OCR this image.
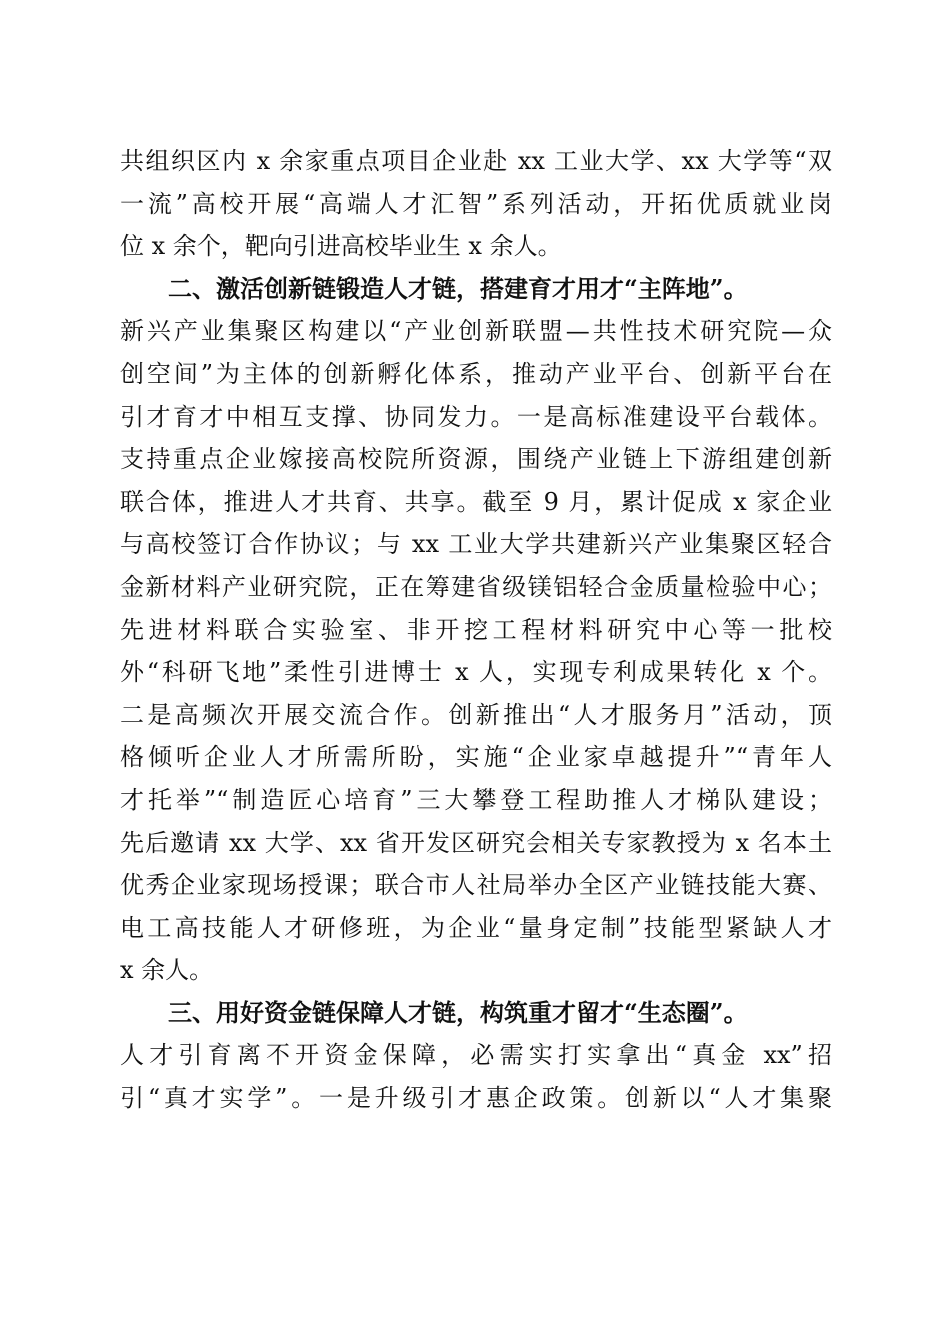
共组织区内 x 余家重点项目企业赴 xx 工业大学、xx 大学等“双
一流”高校开展“高端人才汇智”系列活动，开拓优质就业岗
位 x 余个，靶向引进高校毕业生 x 余人。
二、激活创新链锻造人才链，搭建育才用才“主阵地”。
新兴产业集聚区构建以“产业创新联盟—共性技术研究院—众
创空间”为主体的创新孵化体系，推动产业平台、创新平台在
引才育才中相互支撑、协同发力。一是高标准建设平台载体。
支持重点企业嫁接高校院所资源，围绕产业链上下游组建创新
联合体，推进人才共育、共享。截至 9 月，累计促成 x 家企业
与高校签订合作协议；与 xx 工业大学共建新兴产业集聚区轻合
金新材料产业研究院，正在筹建省级镁铝轻合金质量检验中心；
先进材料联合实验室、非开挖工程材料研究中心等一批校
外“科研飞地”柔性引进博士 x 人，实现专利成果转化 x 个。
二是高频次开展交流合作。创新推出“人才服务月”活动，顶
格倾听企业人才所需所盼，实施“企业家卓越提升”“青年人
才托举”“制造匠心培育”三大攀登工程助推人才梯队建设；
先后邀请 xx 大学、xx 省开发区研究会相关专家教授为 x 名本土
优秀企业家现场授课；联合市人社局举办全区产业链技能大赛、
电工高技能人才研修班，为企业“量身定制”技能型紧缺人才
x 余人。
三、用好资金链保障人才链，构筑重才留才“生态圈”。
人才引育离不开资金保障，必需实打实拿出“真金 xx”招
引“真才实学”。一是升级引才惠企政策。创新以“人才集聚
